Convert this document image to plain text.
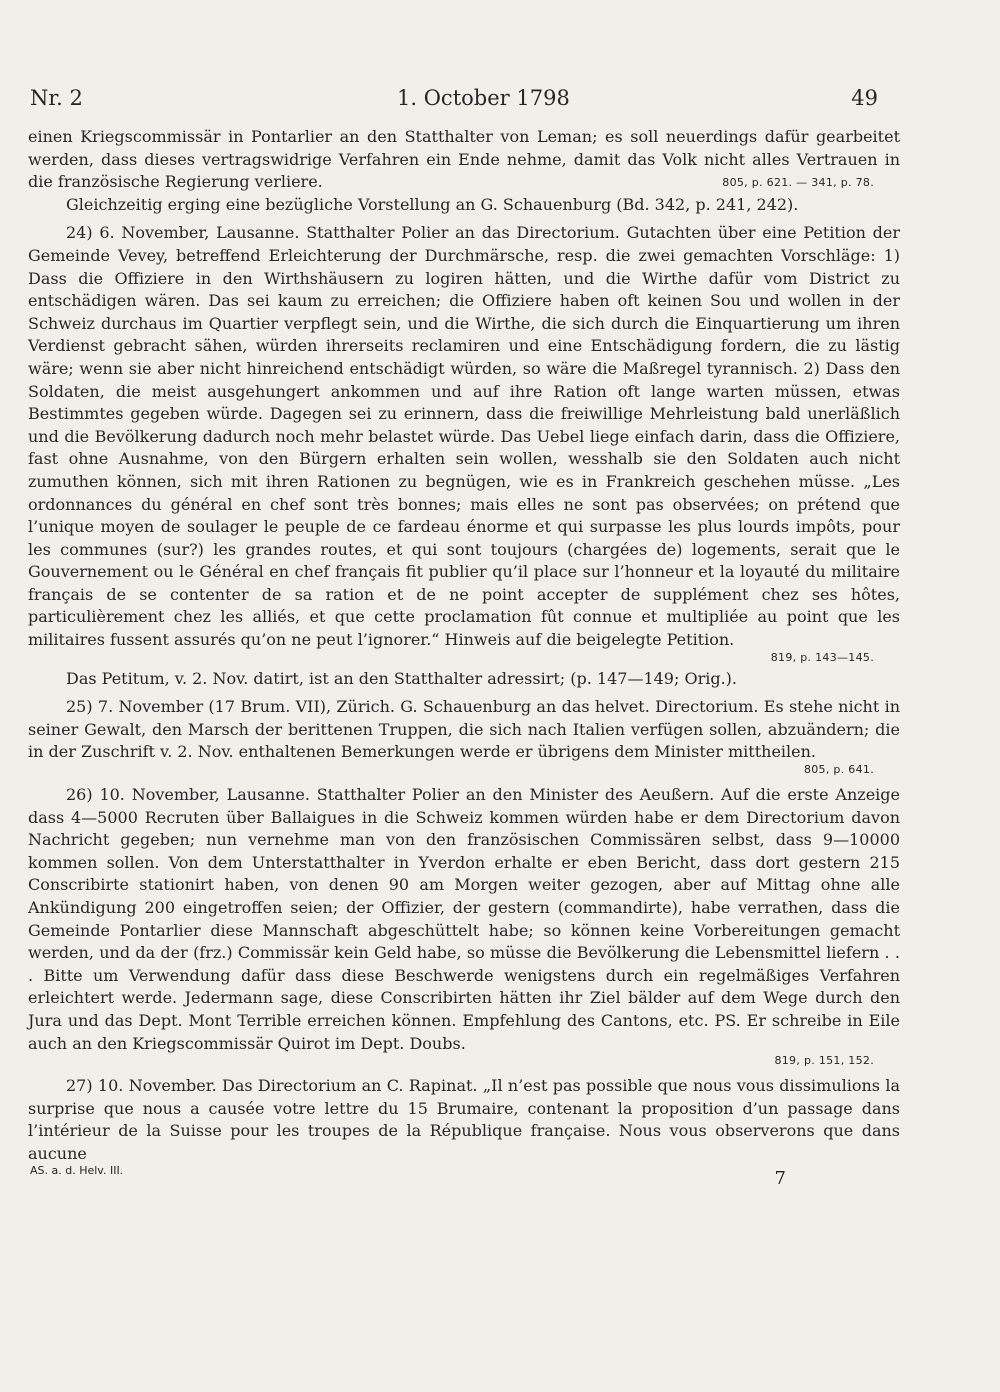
Nr. 2	1. October 1798	49

einen Kriegscommissär in Pontarlier an den Statthalter von Leman; es soll neuerdings dafür gearbeitet werden, dass dieses vertragswidrige Verfahren ein Ende nehme, damit das Volk nicht alles Vertrauen in die französische Regierung verliere.	805, p. 621. — 341, p. 78.

Gleichzeitig erging eine bezügliche Vorstellung an G. Schauenburg (Bd. 342, p. 241, 242).

24) 6. November, Lausanne. Statthalter Polier an das Directorium. Gutachten über eine Petition der Gemeinde Vevey, betreffend Erleichterung der Durchmärsche, resp. die zwei gemachten Vorschläge: 1) Dass die Offiziere in den Wirthshäusern zu logiren hätten, und die Wirthe dafür vom District zu entschädigen wären. Das sei kaum zu erreichen; die Offiziere haben oft keinen Sou und wollen in der Schweiz durchaus im Quartier verpflegt sein, und die Wirthe, die sich durch die Einquartierung um ihren Verdienst gebracht sähen, würden ihrerseits reclamiren und eine Entschädigung fordern, die zu lästig wäre; wenn sie aber nicht hinreichend entschädigt würden, so wäre die Maßregel tyrannisch. 2) Dass den Soldaten, die meist ausgehungert ankommen und auf ihre Ration oft lange warten müssen, etwas Bestimmtes gegeben würde. Dagegen sei zu erinnern, dass die freiwillige Mehrleistung bald unerläßlich und die Bevölkerung dadurch noch mehr belastet würde. Das Uebel liege einfach darin, dass die Offiziere, fast ohne Ausnahme, von den Bürgern erhalten sein wollen, wesshalb sie den Soldaten auch nicht zumuthen können, sich mit ihren Rationen zu begnügen, wie es in Frankreich geschehen müsse. „Les ordonnances du général en chef sont très bonnes; mais elles ne sont pas observées; on prétend que l’unique moyen de soulager le peuple de ce fardeau énorme et qui surpasse les plus lourds impôts, pour les communes (sur?) les grandes routes, et qui sont toujours (chargées de) logements, serait que le Gouvernement ou le Général en chef français fit publier qu’il place sur l’honneur et la loyauté du militaire français de se contenter de sa ration et de ne point accepter de supplément chez ses hôtes, particulièrement chez les alliés, et que cette proclamation fût connue et multipliée au point que les militaires fussent assurés qu’on ne peut l’ignorer.“ Hinweis auf die beigelegte Petition.

819, p. 143—145.

Das Petitum, v. 2. Nov. datirt, ist an den Statthalter adressirt; (p. 147—149; Orig.).

25) 7. November (17 Brum. VII), Zürich. G. Schauenburg an das helvet. Directorium. Es stehe nicht in seiner Gewalt, den Marsch der berittenen Truppen, die sich nach Italien verfügen sollen, abzuändern; die in der Zuschrift v. 2. Nov. enthaltenen Bemerkungen werde er übrigens dem Minister mittheilen.

805, p. 641.

26) 10. November, Lausanne. Statthalter Polier an den Minister des Aeußern. Auf die erste Anzeige dass 4—5000 Recruten über Ballaigues in die Schweiz kommen würden habe er dem Directorium davon Nachricht gegeben; nun vernehme man von den französischen Commissären selbst, dass 9—10000 kommen sollen. Von dem Unterstatthalter in Yverdon erhalte er eben Bericht, dass dort gestern 215 Conscribirte stationirt haben, von denen 90 am Morgen weiter gezogen, aber auf Mittag ohne alle Ankündigung 200 eingetroffen seien; der Offizier, der gestern (commandirte), habe verrathen, dass die Gemeinde Pontarlier diese Mannschaft abgeschüttelt habe; so können keine Vorbereitungen gemacht werden, und da der (frz.) Commissär kein Geld habe, so müsse die Bevölkerung die Lebensmittel liefern . . . Bitte um Verwendung dafür dass diese Beschwerde wenigstens durch ein regelmäßiges Verfahren erleichtert werde. Jedermann sage, diese Conscribirten hätten ihr Ziel bälder auf dem Wege durch den Jura und das Dept. Mont Terrible erreichen können. Empfehlung des Cantons, etc. PS. Er schreibe in Eile auch an den Kriegscommissär Quirot im Dept. Doubs.

819, p. 151, 152.

27) 10. November. Das Directorium an C. Rapinat. „Il n’est pas possible que nous vous dissimulions la surprise que nous a causée votre lettre du 15 Brumaire, contenant la proposition d’un passage dans l’intérieur de la Suisse pour les troupes de la République française. Nous vous observerons que dans aucune

AS. a. d. Helv. III.	7
